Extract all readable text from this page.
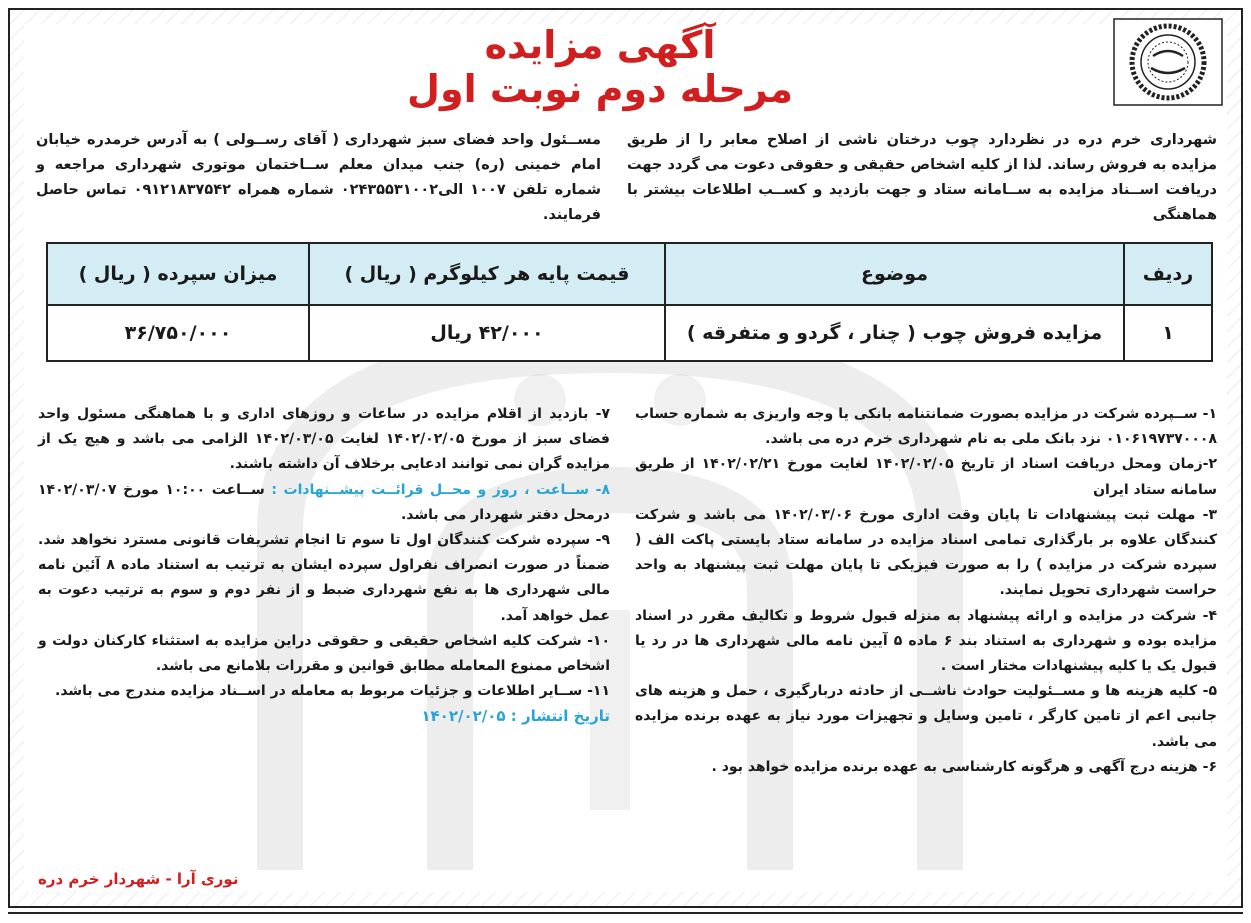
آگهی مزایده
مرحله دوم نوبت اول
شهرداری خرم دره در نظردارد چوب درختان ناشی از اصلاح معابر را از طریق مزایده به فروش رساند. لذا از کلیه اشخاص حقیقی و حقوقی دعوت می گردد جهت دریافت اســناد مزایده به ســامانه ستاد و جهت بازدید و کســب اطلاعات بیشتر با هماهنگی
مســئول واحد فضای سبز شهرداری ( آقای رســولی ) به آدرس خرمدره خیابان امام خمینی (ره) جنب میدان معلم ســاختمان موتوری شهرداری مراجعه و شماره تلفن ۱۰۰۷ الی۰۲۴۳۵۵۳۱۰۰۲ شماره همراه ۰۹۱۲۱۸۳۷۵۴۲ تماس حاصل فرمایند.
ردیف	موضوع	قیمت پایه هر کیلوگرم ( ریال )	میزان سپرده ( ریال )
۱	مزایده فروش چوب ( چنار ، گردو و متفرقه )	۴۲/۰۰۰ ریال	۳۶/۷۵۰/۰۰۰

۱- ســپرده شرکت در مزایده بصورت ضمانتنامه بانکی یا وجه واریزی به شماره حساب ۰۱۰۶۱۹۷۳۷۰۰۰۸ نزد بانک ملی به نام شهرداری خرم دره می باشد.

۲-زمان ومحل دریافت اسناد از تاریخ ۱۴۰۲/۰۲/۰۵ لغایت مورخ ۱۴۰۲/۰۲/۲۱ از طریق سامانه ستاد ایران

۳- مهلت ثبت پیشنهادات تا پایان وقت اداری مورخ ۱۴۰۲/۰۳/۰۶ می باشد و شرکت کنندگان علاوه بر بارگذاری تمامی اسناد مزایده در سامانه ستاد بایستی پاکت الف ( سپرده شرکت در مزایده ) را به صورت فیزیکی تا پایان مهلت ثبت پیشنهاد به واحد حراست شهرداری تحویل نمایند.

۴- شرکت در مزایده و ارائه پیشنهاد به منزله قبول شروط و تکالیف مقرر در اسناد مزایده بوده و شهرداری به استناد بند ۶ ماده ۵ آیین نامه مالی شهرداری ها در رد یا قبول یک یا کلیه پیشنهادات مختار است .

۵- کلیه هزینه ها و مســئولیت حوادث ناشــی از حادثه دربارگیری ، حمل و هزینه های جانبی اعم از تامین کارگر ، تامین وسایل و تجهیزات مورد نیاز به عهده برنده مزایده می باشد.

۶- هزینه درج آگهی و هرگونه کارشناسی به عهده برنده مزایده خواهد بود .

۷- بازدید از اقلام مزایده در ساعات و روزهای اداری و با هماهنگی مسئول واحد فضای سبز از مورخ ۱۴۰۲/۰۲/۰۵ لغایت ۱۴۰۲/۰۳/۰۵ الزامی می باشد و هیچ یک از مزایده گران نمی توانند ادعایی برخلاف آن داشته باشند.

۸- ســاعت ، روز و محــل قرائــت پیشــنهادات : ســاعت ۱۰:۰۰ مورخ ۱۴۰۲/۰۳/۰۷ درمحل دفتر شهردار می باشد.

۹- سپرده شرکت کنندگان اول تا سوم تا انجام تشریفات قانونی مسترد نخواهد شد. ضمناً در صورت انصراف نفراول سپرده ایشان به ترتیب به استناد ماده ۸ آئین نامه مالی شهرداری ها به نفع شهرداری ضبط و از نفر دوم و سوم به ترتیب دعوت به عمل خواهد آمد.

۱۰- شرکت کلیه اشخاص حقیقی و حقوقی دراین مزایده به استثناء کارکنان دولت و اشخاص ممنوع المعامله مطابق قوانین و مقررات بلامانع می باشد.

۱۱- ســایر اطلاعات و جزئیات مربوط به معامله در اســناد مزایده مندرج می باشد.

تاریخ انتشار : ۱۴۰۲/۰۲/۰۵

نوری آرا - شهردار خرم دره
